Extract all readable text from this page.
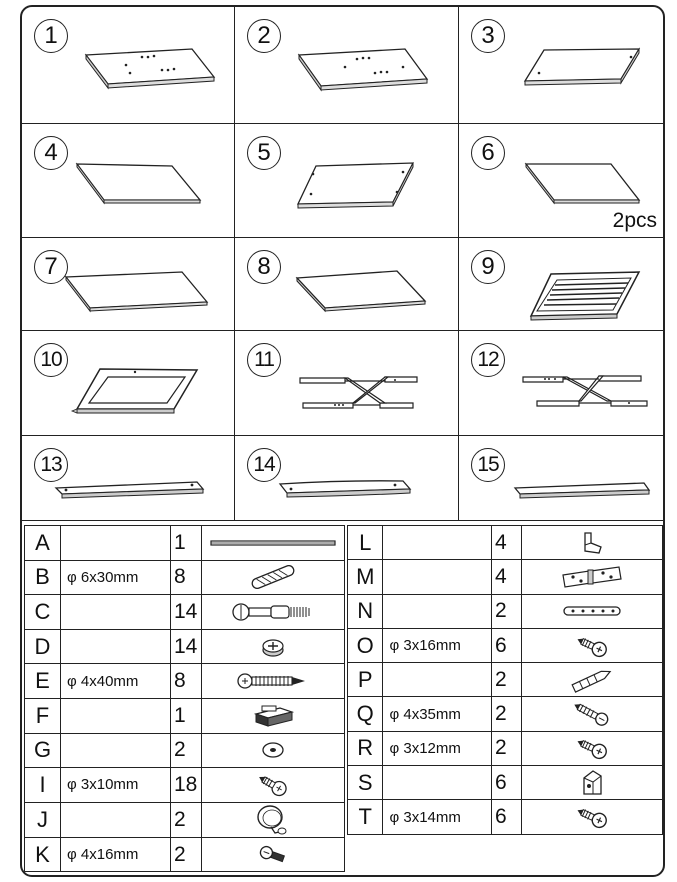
1	2	3
4	5	6
2pcs
7	8	9
10	11	12
13	14	15
A		1	

B	φ 6x30mm	8	

C		14	

D		14	

E	φ 4x40mm	8	

F		1	

G		2	

I	φ 3x10mm	18	

J		2	

K	φ 4x16mm	2	
L		4	

M		4	

N		2	

O	φ 3x16mm	6	

P		2	

Q	φ 4x35mm	2	

R	φ 3x12mm	2	

S		6	

T	φ 3x14mm	6	
